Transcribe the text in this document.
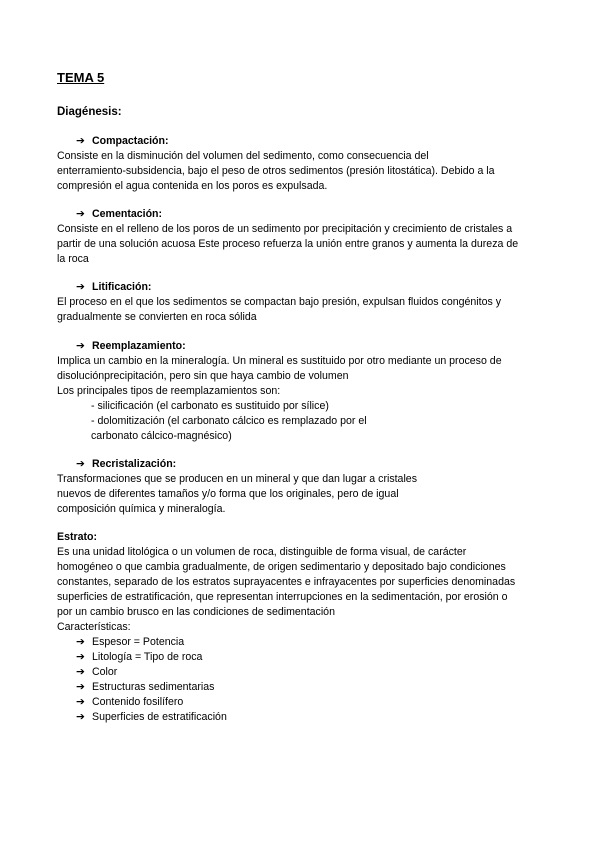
TEMA 5
Diagénesis:
➔ Compactación:
Consiste en la disminución del volumen del sedimento, como consecuencia del
enterramiento-subsidencia, bajo el peso de otros sedimentos (presión litostática). Debido a la
compresión el agua contenida en los poros es expulsada.
➔ Cementación:
Consiste en el relleno de los poros de un sedimento por precipitación y crecimiento de cristales a
partir de una solución acuosa Este proceso refuerza la unión entre granos y aumenta la dureza de
la roca
➔ Litificación:
El proceso en el que los sedimentos se compactan bajo presión, expulsan fluidos congénitos y
gradualmente se convierten en roca sólida
➔ Reemplazamiento:
Implica un cambio en la mineralogía. Un mineral es sustituido por otro mediante un proceso de
disoluciónprecipitación, pero sin que haya cambio de volumen
Los principales tipos de reemplazamientos son:
- silicificación (el carbonato es sustituido por sílice)
- dolomitización (el carbonato cálcico es remplazado por el
carbonato cálcico-magnésico)
➔ Recristalización:
Transformaciones que se producen en un mineral y que dan lugar a cristales
nuevos de diferentes tamaños y/o forma que los originales, pero de igual
composición química y mineralogía.
Estrato:
Es una unidad litológica o un volumen de roca, distinguible de forma visual, de carácter
homogéneo o que cambia gradualmente, de origen sedimentario y depositado bajo condiciones
constantes, separado de los estratos suprayacentes e infrayacentes por superficies denominadas
superficies de estratificación, que representan interrupciones en la sedimentación, por erosión o
por un cambio brusco en las condiciones de sedimentación
Características:
➔ Espesor = Potencia
➔ Litología = Tipo de roca
➔ Color
➔ Estructuras sedimentarias
➔ Contenido fosilífero
➔ Superficies de estratificación
